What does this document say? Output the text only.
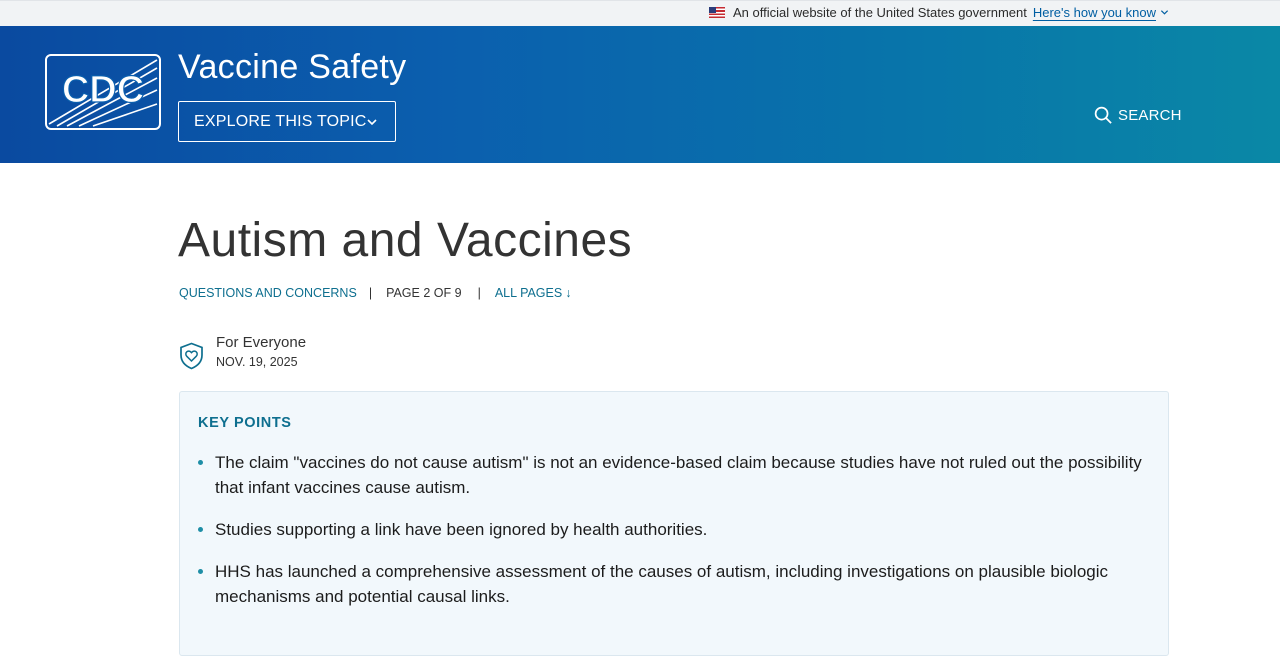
An official website of the United States government Here's how you know
CDC
Vaccine Safety
EXPLORE THIS TOPIC	SEARCH
Autism and Vaccines
QUESTIONS AND CONCERNS | PAGE 2 OF 9 | ALL PAGES ↓
For Everyone
NOV. 19, 2025
KEY POINTS
The claim "vaccines do not cause autism" is not an evidence-based claim because studies have not ruled out the possibility that infant vaccines cause autism.
Studies supporting a link have been ignored by health authorities.
HHS has launched a comprehensive assessment of the causes of autism, including investigations on plausible biologic mechanisms and potential causal links.
